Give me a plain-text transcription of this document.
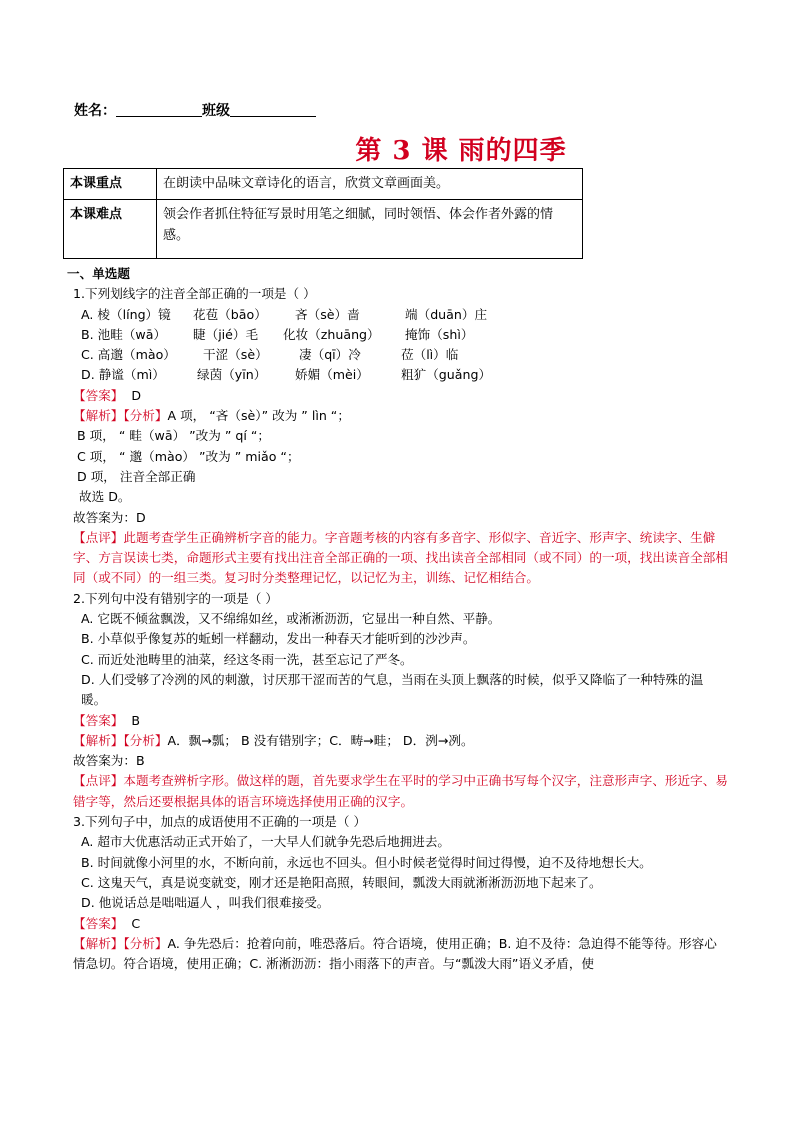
姓名：	班级
第 3 课 雨的四季
本课重点	在朗读中品味文章诗化的语言，欣赏文章画面美。
本课难点	领会作者抓住特征写景时用笔之细腻，同时领悟、体会作者外露的情感。
一、单选题
1.下列划线字的注音全部正确的一项是（ ）
A. 棱（líng）镜 花苞（bāo） 吝（sè）啬	端（duān）庄
B. 池畦（wā） 睫（jié）毛 化妆（zhuāng） 掩饰（shì）
C. 高邈（mào） 干涩（sè） 凄（qī）冷	莅（lì）临
D. 静谧（mì）	绿茵（yīn） 娇媚（mèi）	粗犷（guǎng）
【答案】 D
【解析】【分析】A 项， “吝（sè）” 改为 ” lìn “；
B 项， “ 畦（wā） ”改为 ” qí “；
C 项， “ 邈（mào） ”改为 ” miǎo “；
D 项， 注音全部正确
故选 D。
故答案为：D
【点评】此题考查学生正确辨析字音的能力。字音题考核的内容有多音字、形似字、音近字、形声字、统读字、生僻字、方言误读七类，命题形式主要有找出注音全部正确的一项、找出读音全部相同（或不同）的一项，找出读音全部相同（或不同）的一组三类。复习时分类整理记忆，以记忆为主，训练、记忆相结合。
2.下列句中没有错别字的一项是（ ）
A. 它既不倾盆飘泼，又不绵绵如丝，或淅淅沥沥，它显出一种自然、平静。
B. 小草似乎像复苏的蚯蚓一样翻动，发出一种春天才能听到的沙沙声。
C. 而近处池畴里的油菜，经这冬雨一洗，甚至忘记了严冬。
D. 人们受够了冷洌的风的刺激，讨厌那干涩而苦的气息，当雨在头顶上飘落的时候，似乎又降临了一种特殊的温暖。
【答案】 B
【解析】【分析】A．飘→瓢； B 没有错别字；C．畴→畦； D．洌→冽。
故答案为：B
【点评】本题考查辨析字形。做这样的题，首先要求学生在平时的学习中正确书写每个汉字，注意形声字、形近字、易错字等，然后还要根据具体的语言环境选择使用正确的汉字。
3.下列句子中，加点的成语使用不正确的一项是（ ）
A. 超市大优惠活动正式开始了，一大早人们就争先恐后地拥进去。
B. 时间就像小河里的水，不断向前，永远也不回头。但小时候老觉得时间过得慢，迫不及待地想长大。
C. 这鬼天气，真是说变就变，刚才还是艳阳高照，转眼间，瓢泼大雨就淅淅沥沥地下起来了。
D. 他说话总是咄咄逼人 ，叫我们很难接受。
【答案】 C
【解析】【分析】A. 争先恐后：抢着向前，唯恐落后。符合语境，使用正确；B. 迫不及待：急迫得不能等待。形容心情急切。符合语境，使用正确；C. 淅淅沥沥：指小雨落下的声音。与“瓢泼大雨”语义矛盾，使
